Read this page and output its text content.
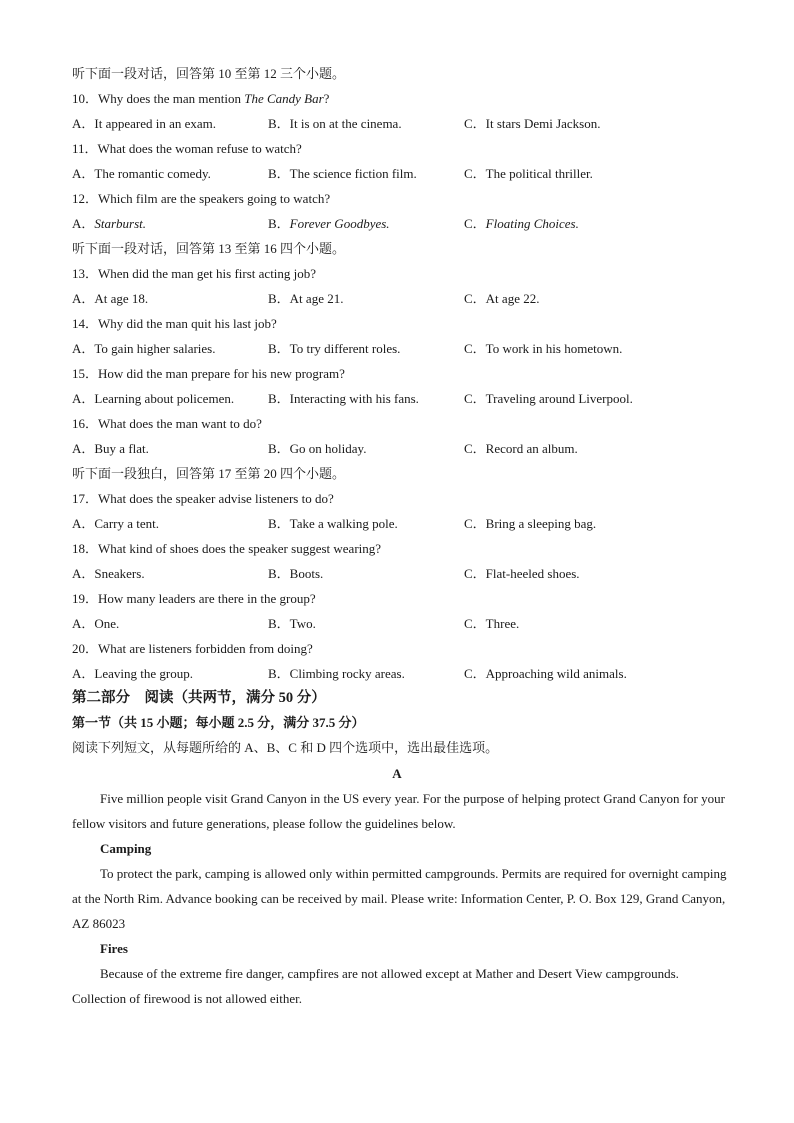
听下面一段对话，回答第 10 至第 12 三个小题。
10．Why does the man mention The Candy Bar?
A．It appeared in an exam.	B．It is on at the cinema.	C．It stars Demi Jackson.
11．What does the woman refuse to watch?
A．The romantic comedy.	B．The science fiction film.	C．The political thriller.
12．Which film are the speakers going to watch?
A．Starburst.	B．Forever Goodbyes.	C．Floating Choices.
听下面一段对话，回答第 13 至第 16 四个小题。
13．When did the man get his first acting job?
A．At age 18.	B．At age 21.	C．At age 22.
14．Why did the man quit his last job?
A．To gain higher salaries.	B．To try different roles.	C．To work in his hometown.
15．How did the man prepare for his new program?
A．Learning about policemen.	B．Interacting with his fans.	C．Traveling around Liverpool.
16．What does the man want to do?
A．Buy a flat.	B．Go on holiday.	C．Record an album.
听下面一段独白，回答第 17 至第 20 四个小题。
17．What does the speaker advise listeners to do?
A．Carry a tent.	B．Take a walking pole.	C．Bring a sleeping bag.
18．What kind of shoes does the speaker suggest wearing?
A．Sneakers.	B．Boots.	C．Flat-heeled shoes.
19．How many leaders are there in the group?
A．One.	B．Two.	C．Three.
20．What are listeners forbidden from doing?
A．Leaving the group.	B．Climbing rocky areas.	C．Approaching wild animals.
第二部分　阅读（共两节，满分 50 分）
第一节（共 15 小题；每小题 2.5 分，满分 37.5 分）
阅读下列短文，从每题所给的 A、B、C 和 D 四个选项中，选出最佳选项。
A
Five million people visit Grand Canyon in the US every year. For the purpose of helping protect Grand Canyon for your fellow visitors and future generations, please follow the guidelines below.
Camping
To protect the park, camping is allowed only within permitted campgrounds. Permits are required for overnight camping at the North Rim. Advance booking can be received by mail. Please write: Information Center, P. O. Box 129, Grand Canyon, AZ 86023
Fires
Because of the extreme fire danger, campfires are not allowed except at Mather and Desert View campgrounds. Collection of firewood is not allowed either.
